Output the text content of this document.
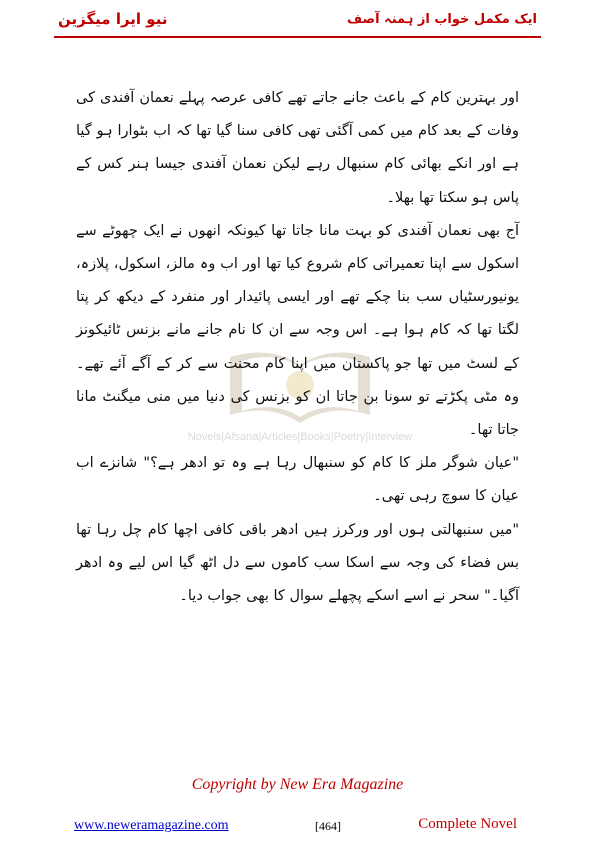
نیو ایرا میگزین	ایک مکمل خواب از ہمنہ آصف
Novels|Afsana|Articles|Books|Poetry|Interview

اور بہترین کام کے باعث جانے جاتے تھے کافی عرصہ پہلے نعمان آفندی کی وفات کے بعد کام میں کمی آگئی تھی کافی سنا گیا تھا کہ اب بٹوارا ہو گیا ہے اور انکے بھائی کام سنبھال رہے لیکن نعمان آفندی جیسا ہنر کس کے پاس ہو سکتا تھا بھلا۔

آج بھی نعمان آفندی کو بہت مانا جاتا تھا کیونکہ انھوں نے ایک چھوٹے سے اسکول سے اپنا تعمیراتی کام شروع کیا تھا اور اب وہ مالز، اسکول، پلازہ، یونیورسٹیاں سب بنا چکے تھے اور ایسی پائیدار اور منفرد کے دیکھ کر پتا لگتا تھا کہ کام ہوا ہے۔ اس وجہ سے ان کا نام جانے مانے بزنس ٹائیکونز کے لسٹ میں تھا جو پاکستان میں اپنا کام محنت سے کر کے آگے آئے تھے۔ وہ مٹی پکڑتے تو سونا بن جاتا ان کو بزنس کی دنیا میں منی میگنٹ مانا جاتا تھا۔

"عیان شوگر ملز کا کام کو سنبھال رہا ہے وہ تو ادھر ہے؟" شانزے اب عیان کا سوچ رہی تھی۔

"میں سنبھالتی ہوں اور ورکرز ہیں ادھر باقی کافی اچھا کام چل رہا تھا بس فضاء کی وجہ سے اسکا سب کاموں سے دل اٹھ گیا اس لیے وہ ادھر آگیا۔" سحر نے اسے اسکے پچھلے سوال کا بھی جواب دیا۔

Copyright by New Era Magazine
www.neweramagazine.com	[464]	Complete Novel
